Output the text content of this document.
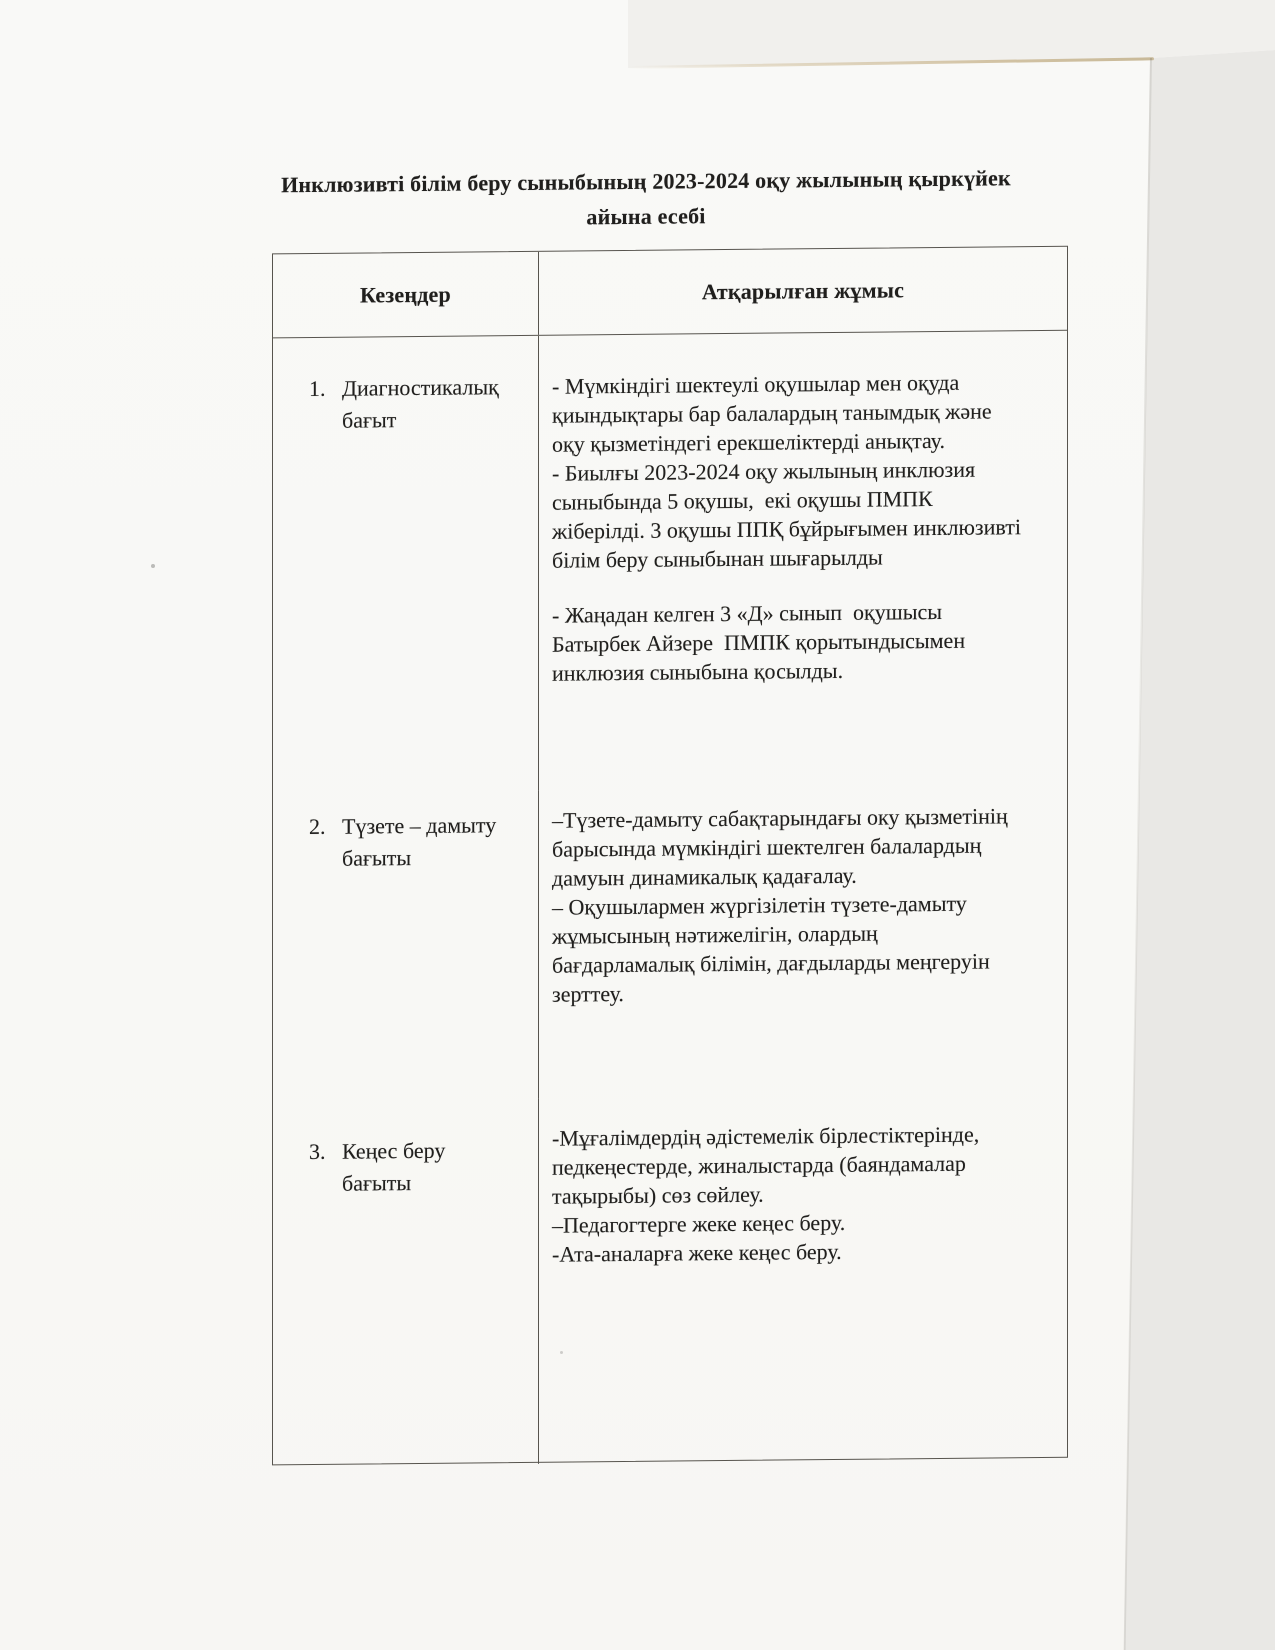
Инклюзивті білім беру сыныбының 2023-2024 оқу жылының қыркүйек
айына есебі
Кезеңдер	Атқарылған жұмыс
1. Диагностикалық
бағыт

- Мүмкіндігі шектеулі оқушылар мен оқуда
қиындықтары бар балалардың танымдық және
оқу қызметіндегі ерекшеліктерді анықтау.

- Биылғы 2023-2024 оқу жылының инклюзия
сыныбында 5 оқушы,  екі оқушы ПМПК
жіберілді. 3 оқушы ППҚ бұйрығымен инклюзивті
білім беру сыныбынан шығарылды

- Жаңадан келген 3 «Д» сынып  оқушысы
Батырбек Айзере  ПМПК қорытындысымен
инклюзия сыныбына қосылды.

2. Түзете – дамыту
бағыты

–Түзете-дамыту сабақтарындағы оку қызметінің
барысында мүмкіндігі шектелген балалардың
дамуын динамикалық қадағалау.

– Оқушылармен жүргізілетін түзете-дамыту
жұмысының нәтижелігін, олардың
бағдарламалық білімін, дағдыларды меңгеруін
зерттеу.

3. Кеңес беру
бағыты

-Мұғалімдердің әдістемелік бірлестіктерінде,
педкеңестерде, жиналыстарда (баяндамалар
тақырыбы) сөз сөйлеу.

–Педагогтерге жеке кеңес беру.

-Ата-аналарға жеке кеңес беру.
